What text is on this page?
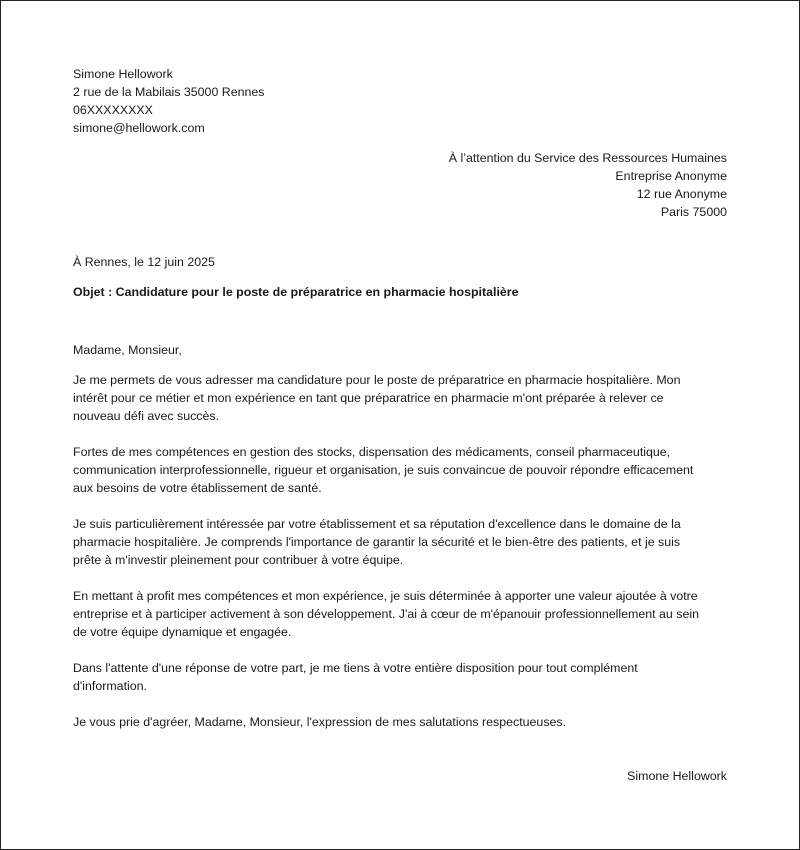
Simone Hellowork
2 rue de la Mabilais 35000 Rennes
06XXXXXXXX
simone@hellowork.com
À l’attention du Service des Ressources Humaines
Entreprise Anonyme
12 rue Anonyme
Paris 75000
À Rennes, le 12 juin 2025
Objet : Candidature pour le poste de préparatrice en pharmacie hospitalière
Madame, Monsieur,
Je me permets de vous adresser ma candidature pour le poste de préparatrice en pharmacie hospitalière. Mon
intérêt pour ce métier et mon expérience en tant que préparatrice en pharmacie m'ont préparée à relever ce
nouveau défi avec succès.
Fortes de mes compétences en gestion des stocks, dispensation des médicaments, conseil pharmaceutique,
communication interprofessionnelle, rigueur et organisation, je suis convaincue de pouvoir répondre efficacement
aux besoins de votre établissement de santé.
Je suis particulièrement intéressée par votre établissement et sa réputation d'excellence dans le domaine de la
pharmacie hospitalière. Je comprends l'importance de garantir la sécurité et le bien-être des patients, et je suis
prête à m'investir pleinement pour contribuer à votre équipe.
En mettant à profit mes compétences et mon expérience, je suis déterminée à apporter une valeur ajoutée à votre
entreprise et à participer activement à son développement. J'ai à cœur de m'épanouir professionnellement au sein
de votre équipe dynamique et engagée.
Dans l'attente d'une réponse de votre part, je me tiens à votre entière disposition pour tout complément
d'information.
Je vous prie d'agréer, Madame, Monsieur, l'expression de mes salutations respectueuses.
Simone Hellowork
